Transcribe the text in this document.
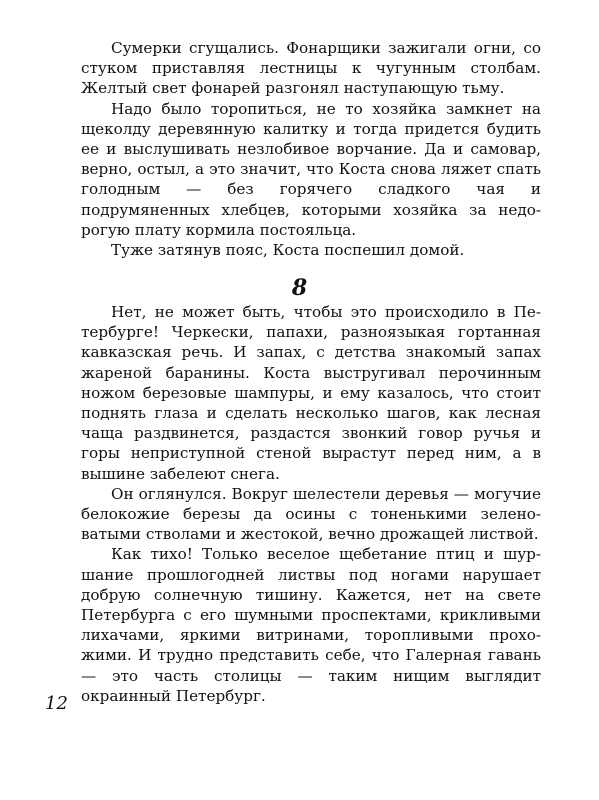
Сумерки сгущались. Фонарщики зажигали огни, со стуком приставляя лестницы к чугунным столбам. Желтый свет фонарей разгонял наступающую тьму.

Надо было торопиться, не то хозяйка замкнет на щеколду деревянную калитку и тогда придется будить ее и выслушивать незлобивое ворчание. Да и самовар, верно, остыл, а это значит, что Коста снова ляжет спать голодным — без горячего сладкого чая и подрумяненных хлебцев, которыми хозяйка за недорогую плату кормила постояльца.

Туже затянув пояс, Коста поспешил домой.

8

Нет, не может быть, чтобы это происходило в Петербурге! Черкески, папахи, разноязыкая гортанная кавказская речь. И запах, с детства знакомый запах жареной баранины. Коста выстругивал перочинным ножом березовые шампуры, и ему казалось, что стоит поднять глаза и сделать несколько шагов, как лесная чаща раздвинется, раздастся звонкий говор ручья и горы неприступной стеной вырастут перед ним, а в вышине забелеют снега.

Он оглянулся. Вокруг шелестели деревья — могучие белокожие березы да осины с тоненькими зеленоватыми стволами и жестокой, вечно дрожащей листвой.

Как тихо! Только веселое щебетание птиц и шуршание прошлогодней листвы под ногами нарушает добрую солнечную тишину. Кажется, нет на свете Петербурга с его шумными проспектами, крикливыми лихачами, яркими витринами, торопливыми прохожими. И трудно представить себе, что Галерная гавань — это часть столицы — таким нищим выглядит окраинный Петербург.

12
